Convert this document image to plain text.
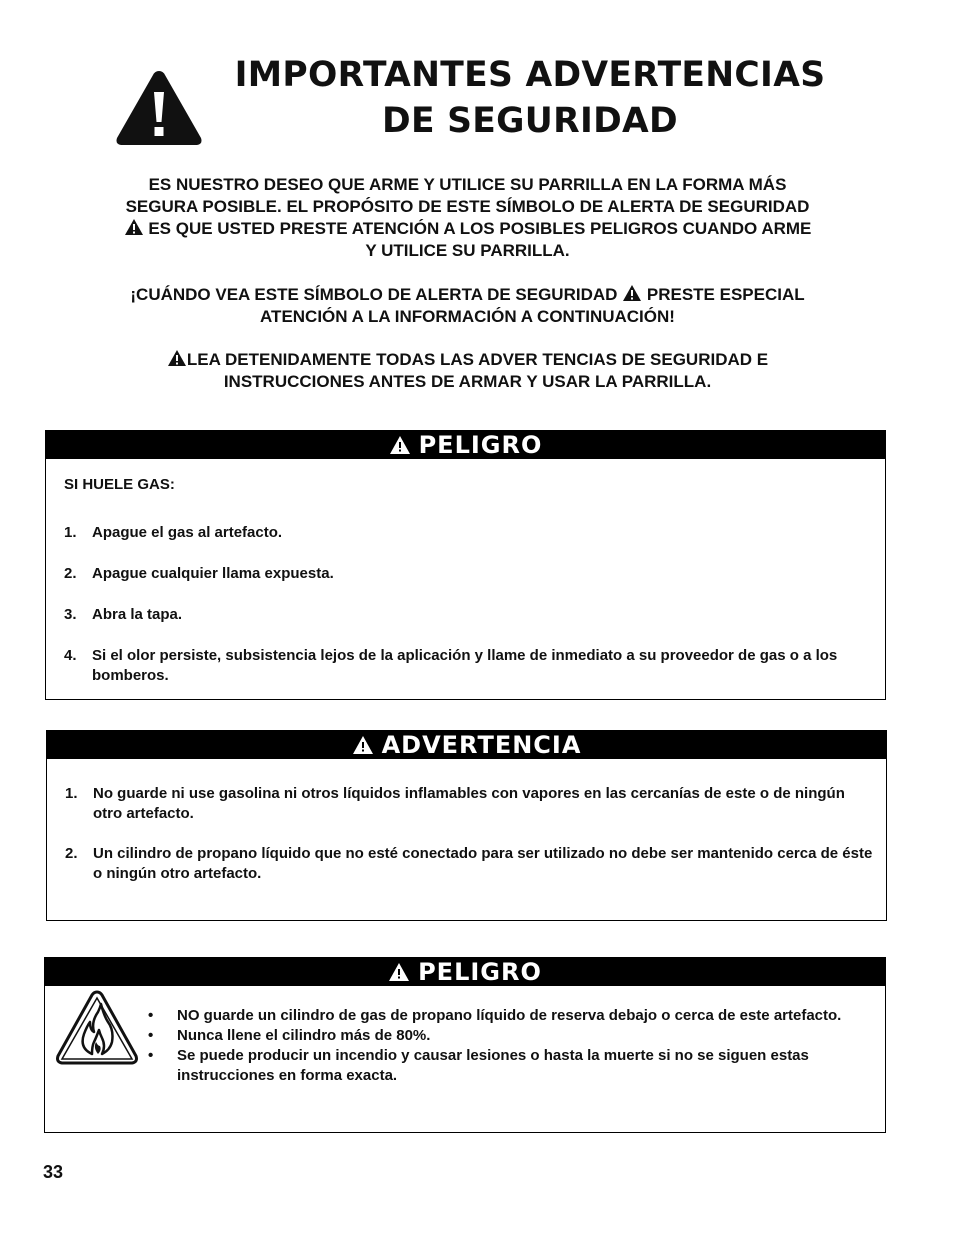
IMPORTANTES ADVERTENCIAS
DE SEGURIDAD
ES NUESTRO DESEO QUE ARME Y UTILICE SU PARRILLA EN LA FORMA MÁS
SEGURA POSIBLE. EL PROPÓSITO DE ESTE SÍMBOLO DE ALERTA DE SEGURIDAD
ES QUE USTED PRESTE ATENCIÓN A LOS POSIBLES PELIGROS CUANDO ARME
Y UTILICE SU PARRILLA.
¡CUÁNDO VEA ESTE SÍMBOLO DE ALERTA DE SEGURIDAD
PRESTE ESPECIAL
ATENCIÓN A LA INFORMACIÓN A CONTINUACIÓN!
LEA DETENIDAMENTE TODAS LAS ADVER TENCIAS DE SEGURIDAD E
INSTRUCCIONES ANTES DE ARMAR Y USAR LA PARRILLA.
PELIGRO
SI HUELE GAS:
1. Apague el gas al artefacto.
2. Apague cualquier llama expuesta.
3. Abra la tapa.
4. Si el olor persiste, subsistencia lejos de la aplicación y llame de inmediato a su proveedor de gas o a los bomberos.
ADVERTENCIA
1. No guarde ni use gasolina ni otros líquidos inflamables con vapores en las cercanías de este o de ningún otro artefacto.
2. Un cilindro de propano líquido que no esté conectado para ser utilizado no debe ser mantenido cerca de éste o ningún otro artefacto.
PELIGRO
• NO guarde un cilindro de gas de propano líquido de reserva debajo o cerca de este artefacto.
• Nunca llene el cilindro más de 80%.
• Se puede producir un incendio y causar lesiones o hasta la muerte si no se siguen estas instrucciones en forma exacta.
33
